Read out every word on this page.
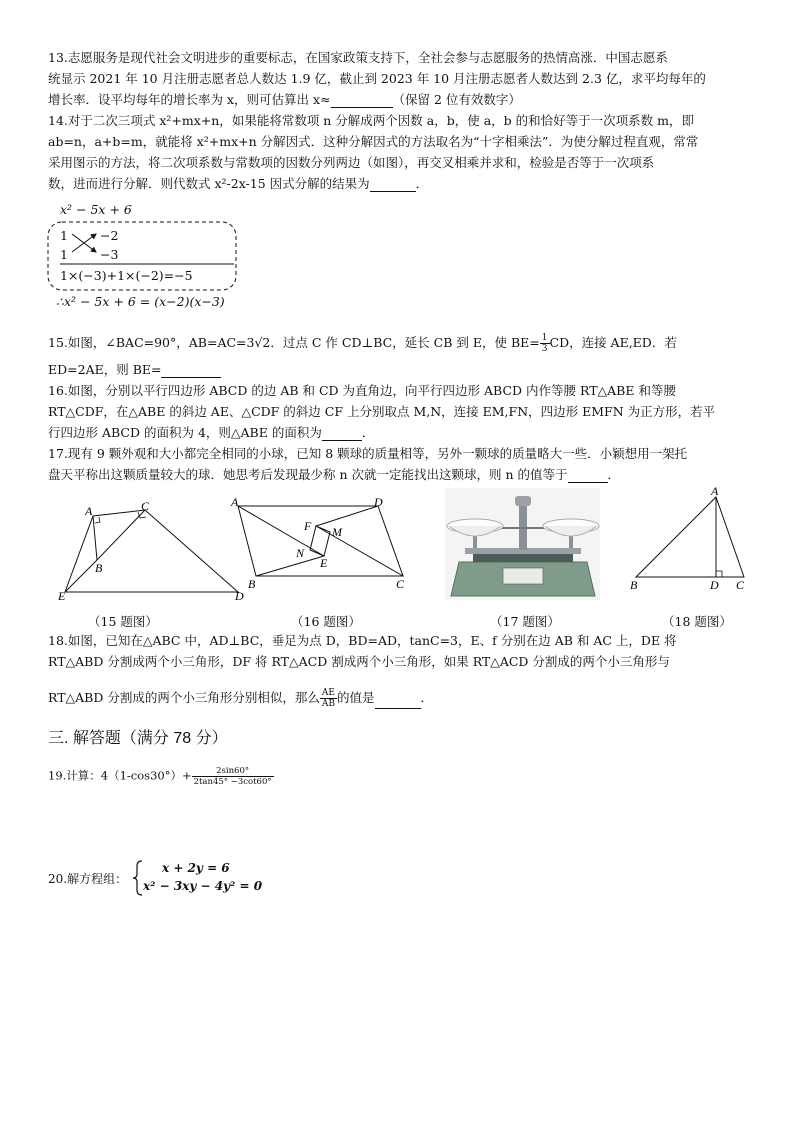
13.志愿服务是现代社会文明进步的重要标志，在国家政策支持下，全社会参与志愿服务的热情高涨．中国志愿系
统显示 2021 年 10 月注册志愿者总人数达 1.9 亿，截止到 2023 年 10 月注册志愿者人数达到 2.3 亿，求平均每年的
增长率．设平均每年的增长率为 x，则可估算出 x≈	（保留 2 位有效数字）
14.对于二次三项式 x²+mx+n，如果能将常数项 n 分解成两个因数 a，b，使 a，b 的和恰好等于一次项系数 m，即
ab=n，a+b=m，就能将 x²+mx+n 分解因式．这种分解因式的方法取名为“十字相乘法”．为使分解过程直观，常常
采用图示的方法，将二次项系数与常数项的因数分列两边（如图），再交叉相乘并求和，检验是否等于一次项系
数，进而进行分解．则代数式 x²-2x-15 因式分解的结果为	．
x² − 5x + 6
1	−2
1	−3
1×(−3)+1×(−2)=−5
∴x² − 5x + 6 = (x−2)(x−3)
15.如图，∠BAC=90°，AB=AC=3√2．过点 C 作 CD⊥BC，延长 CB 到 E，使 $BE= \frac{1}{3}$ CD，连接 AE,ED．若
ED=2AE，则 BE=
16.如图，分别以平行四边形 ABCD 的边 AB 和 CD 为直角边，向平行四边形 ABCD 内作等腰 RT△ABE 和等腰
RT△CDF，在△ABE 的斜边 AE、△CDF 的斜边 CF 上分别取点 M,N，连接 EM,FN，四边形 EMFN 为正方形，若平
行四边形 ABCD 的面积为 4，则△ABE 的面积为	．
17.现有 9 颗外观和大小都完全相同的小球，已知 8 颗球的质量相等，另外一颗球的质量略大一些．小颖想用一架托
盘天平称出这颗质量较大的球．她思考后发现最少称 n 次就一定能找出这颗球，则 n 的值等于	．
A
B
C
D
E
A
B	C
D
E
F M
N
A
B	C
D
（15 题图）	（16 题图）	（17 题图）	（18 题图）
18.如图，已知在△ABC 中，AD⊥BC，垂足为点 D，BD=AD，tanC=3，E、f 分别在边 AB 和 AC 上，DE 将
RT△ABD 分割成两个小三角形，DF 将 RT△ACD 割成两个小三角形，如果 RT△ACD 分割成的两个小三角形与
RT△ABD 分割成的两个小三角形分别相似，那么 $\frac{AE}{AB}$ 的值是	．
三. 解答题（满分 78 分）
19.计算：$4(1-\cos 30^\circ)+ \frac{2\sin 60^\circ}{2\tan 45^\circ -3\cot 60^\circ}$
20.解方程组：
x + 2y = 6
x² − 3xy − 4y² = 0
